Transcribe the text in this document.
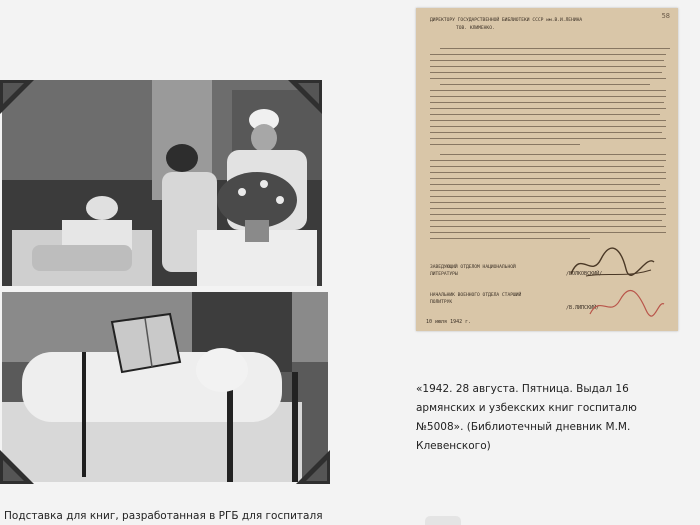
58
ДИРЕКТОРУ ГОСУДАРСТВЕННОЙ БИБЛИОТЕКИ СССР им.В.И.ЛЕНИНА
ТОВ. КЛИМЕНКО.
ЗАВЕДУЮЩИЙ ОТДЕЛОМ НАЦИОНАЛЬНОЙ ЛИТЕРАТУРЫ	/ВОЛКОВСКИЙ/
НАЧАЛЬНИК ВОЕННОГО ОТДЕЛА СТАРШИЙ ПОЛИТРУК
/В.ЛИПСКИЙ/
10 июля 1942 г.
«1942. 28 августа. Пятница. Выдал 16 армянских и узбекских книг госпиталю №5008». (Библиотечный дневник М.М. Клевенского)
Подставка для книг, разработанная в РГБ для госпиталя
